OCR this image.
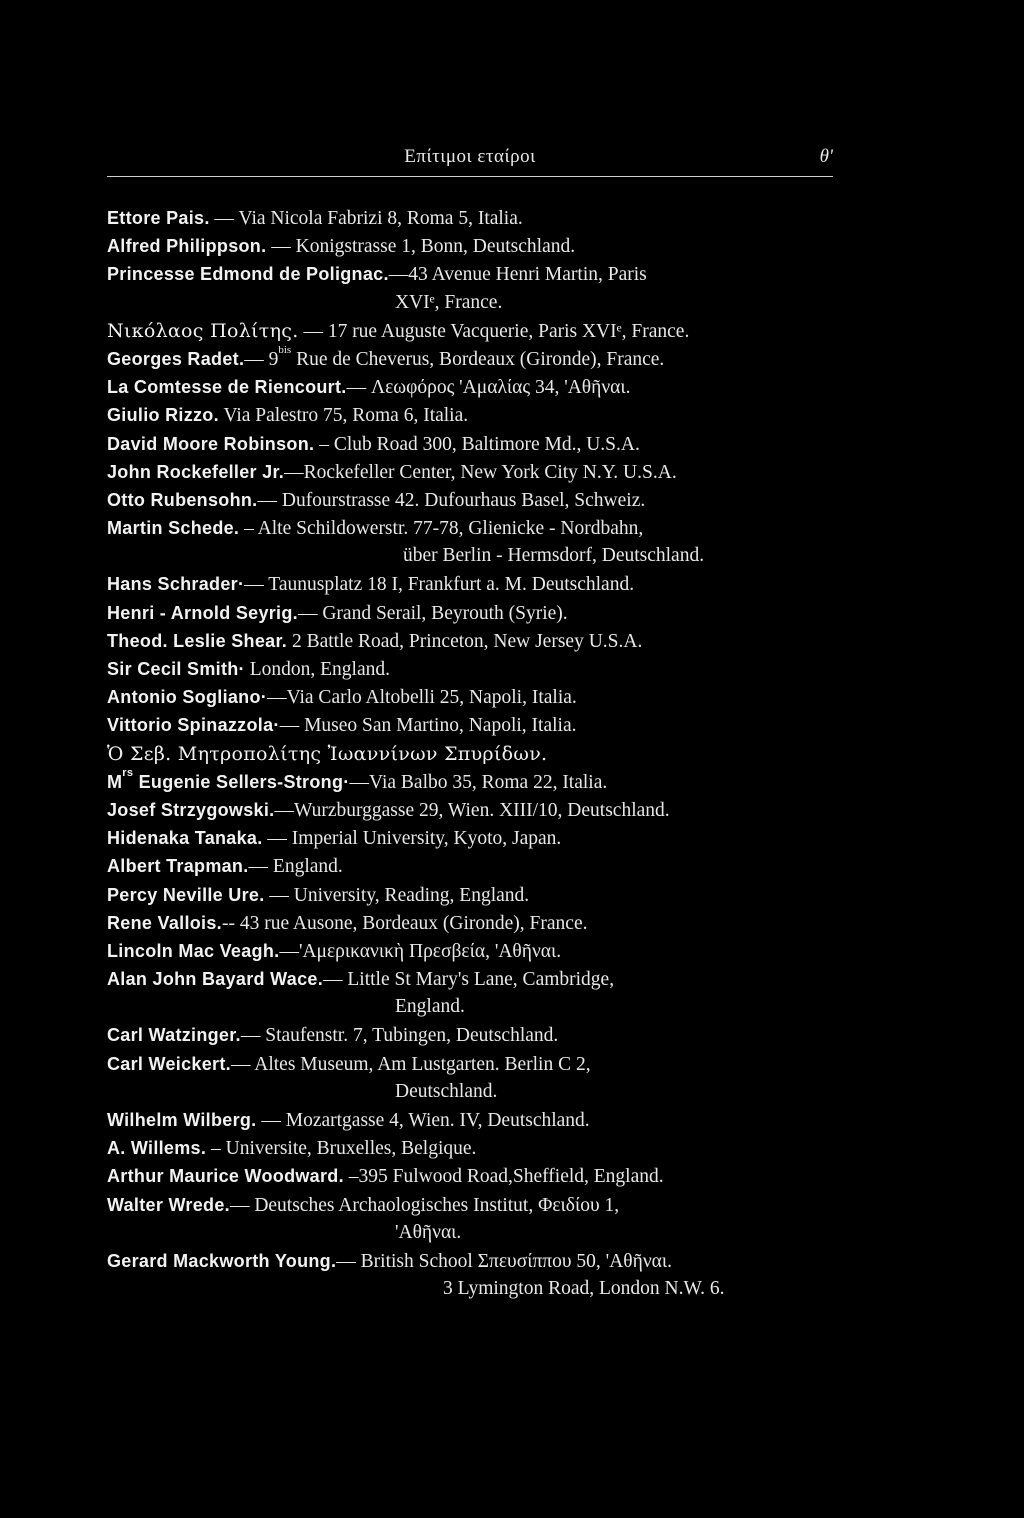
Επίτιμοι εταίροι	θ'
Ettore Pais. — Via Nicola Fabrizi 8, Roma 5, Italia.
Alfred Philippson. — Konigstrasse 1, Bonn, Deutschland.
Princesse Edmond de Polignac.—43 Avenue Henri Martin, Paris
XVIᵉ, France.
Νικόλαος Πολίτης. — 17 rue Auguste Vacquerie, Paris XVIᵉ, France.
Georges Radet.— $9^{bis}$ Rue de Cheverus, Bordeaux (Gironde), France.
La Comtesse de Riencourt.— Λεωφόρος 'Αμαλίας 34, 'Αθῆναι.
Giulio Rizzo. Via Palestro 75, Roma 6, Italia.
David Moore Robinson. – Club Road 300, Baltimore Md., U.S.A.
John Rockefeller Jr.—Rockefeller Center, New York City N.Y. U.S.A.
Otto Rubensohn.— Dufourstrasse 42. Dufourhaus Basel, Schweiz.
Martin Schede. – Alte Schildowerstr. 77-78, Glienicke - Nordbahn,
über Berlin - Hermsdorf, Deutschland.
Hans Schrader·— Taunusplatz 18 I, Frankfurt a. M. Deutschland.
Henri - Arnold Seyrig.— Grand Serail, Beyrouth (Syrie).
Theod. Leslie Shear. 2 Battle Road, Princeton, New Jersey U.S.A.
Sir Cecil Smith· London, England.
Antonio Sogliano·—Via Carlo Altobelli 25, Napoli, Italia.
Vittorio Spinazzola·— Museo San Martino, Napoli, Italia.
Ὁ Σεβ. Μητροπολίτης Ἰωαννίνων Σπυρίδων.
$M^{rs}$ Eugenie Sellers-Strong·—Via Balbo 35, Roma 22, Italia.
Josef Strzygowski.—Wurzburggasse 29, Wien. XIII/10, Deutschland.
Hidenaka Tanaka. — Imperial University, Kyoto, Japan.
Albert Trapman.— England.
Percy Neville Ure. — University, Reading, England.
Rene Vallois.-- 43 rue Ausone, Bordeaux (Gironde), France.
Lincoln Mac Veagh.—'Αμερικανικὴ Πρεσβεία, 'Αθῆναι.
Alan John Bayard Wace.— Little St Mary's Lane, Cambridge,
England.
Carl Watzinger.— Staufenstr. 7, Tubingen, Deutschland.
Carl Weickert.— Altes Museum, Am Lustgarten. Berlin C 2,
Deutschland.
Wilhelm Wilberg. — Mozartgasse 4, Wien. IV, Deutschland.
A. Willems. – Universite, Bruxelles, Belgique.
Arthur Maurice Woodward. –395 Fulwood Road,Sheffield, England.
Walter Wrede.— Deutsches Archaologisches Institut, Φειδίου 1,
'Αθῆναι.
Gerard Mackworth Young.— British School Σπευσίππου 50, 'Αθῆναι.
3 Lymington Road, London N.W. 6.
